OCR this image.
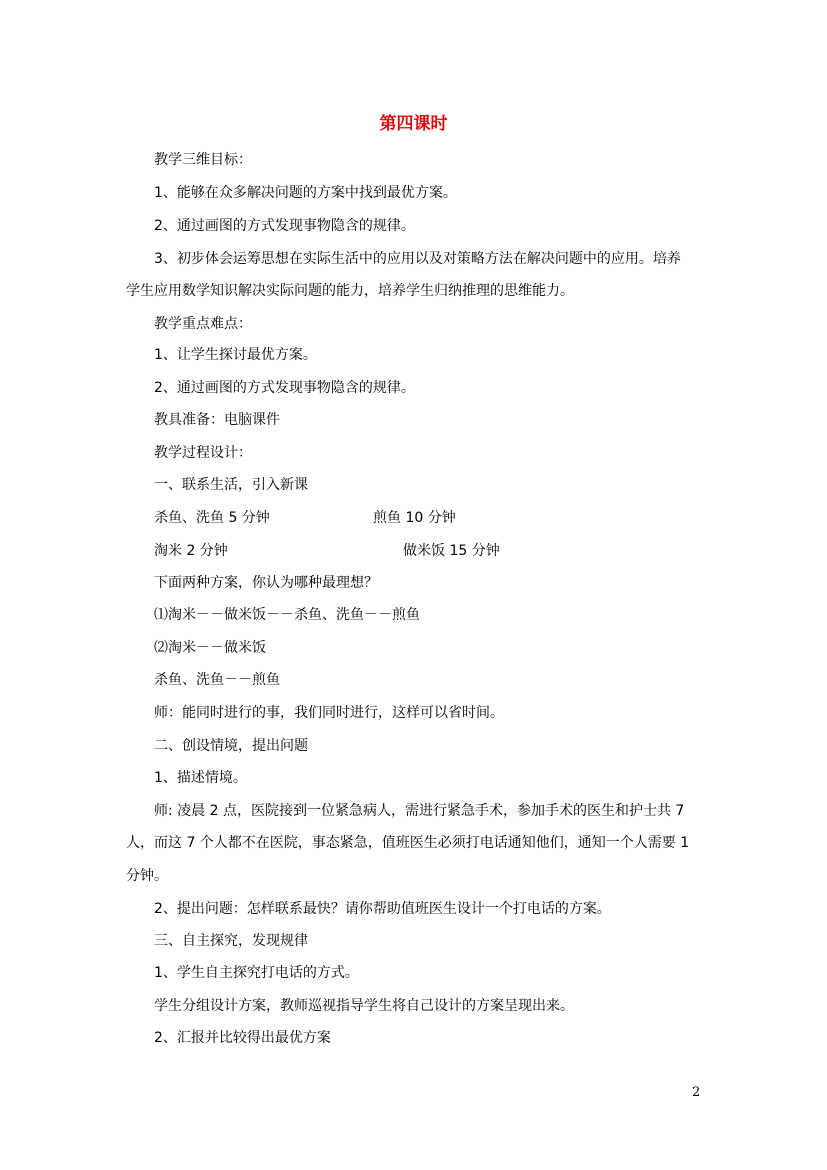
第四课时
教学三维目标：
1、能够在众多解决问题的方案中找到最优方案。
2、通过画图的方式发现事物隐含的规律。
3、初步体会运筹思想在实际生活中的应用以及对策略方法在解决问题中的应用。培养
学生应用数学知识解决实际问题的能力，培养学生归纳推理的思维能力。
教学重点难点：
1、让学生探讨最优方案。
2、通过画图的方式发现事物隐含的规律。
教具准备：电脑课件
教学过程设计：
一、联系生活，引入新课
杀鱼、洗鱼 5 分钟	煎鱼 10 分钟
淘米 2 分钟	做米饭 15 分钟
下面两种方案，你认为哪种最理想？
⑴淘米－－做米饭－－杀鱼、洗鱼－－煎鱼
⑵淘米－－做米饭
杀鱼、洗鱼－－煎鱼
师：能同时进行的事，我们同时进行，这样可以省时间。
二、创设情境，提出问题
1、描述情境。
师: 凌晨 2 点，医院接到一位紧急病人，需进行紧急手术，参加手术的医生和护士共 7
人，而这 7 个人都不在医院，事态紧急，值班医生必须打电话通知他们，通知一个人需要 1
分钟。
2、提出问题：怎样联系最快？请你帮助值班医生设计一个打电话的方案。
三、自主探究，发现规律
1、学生自主探究打电话的方式。
学生分组设计方案，教师巡视指导学生将自己设计的方案呈现出来。
2、汇报并比较得出最优方案
2
